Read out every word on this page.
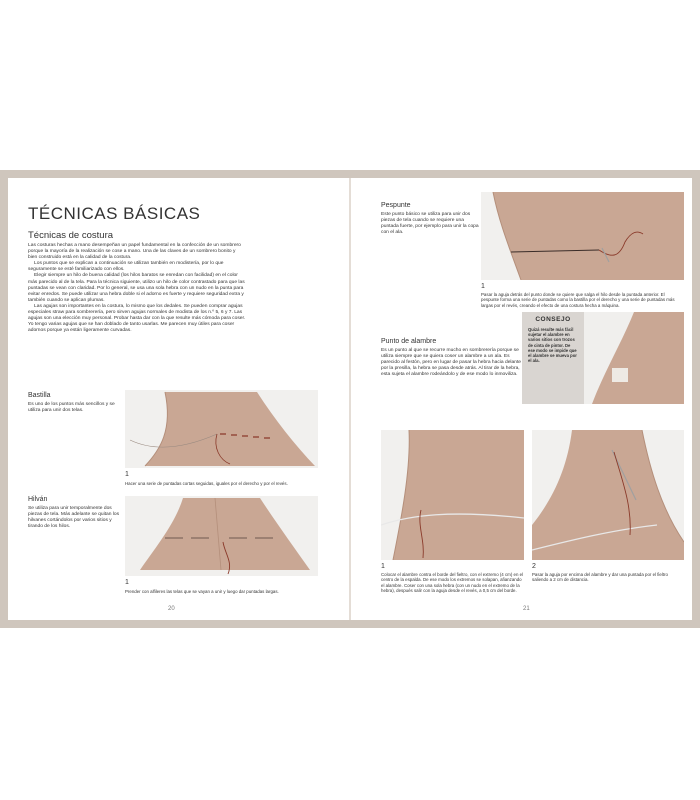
TÉCNICAS BÁSICAS
Técnicas de costura
Las costuras hechas a mano desempeñan un papel fundamental en la confección de un sombrero porque la mayoría de la realización se cose a mano. Una de las claves de un sombrero bonito y bien construido está en la calidad de la costura.
Los puntos que se explican a continuación se utilizan también en modistería, por lo que seguramente se esté familiarizado con ellos.
Elegir siempre un hilo de buena calidad (los hilos baratos se enredan con facilidad) en el color más parecido al de la tela. Para la técnica siguiente, utilizo un hilo de color contrastado para que las puntadas se vean con claridad. Por lo general, se usa una sola hebra con un nudo en la punta para evitar enredos. Se puede utilizar una hebra doble si el adorno es fuerte y requiere seguridad extra y también cuando se aplican plumas.
Las agujas son importantes en la costura, lo mismo que los dedales. Se pueden comprar agujas especiales straw para sombrerería, pero sirven agujas normales de modista de los n.º 5, 6 y 7. Las agujas son una elección muy personal. Probar hasta dar con la que resulte más cómoda para coser. Yo tengo varias agujas que se han doblado de tanto usarlas. Me parecen muy útiles para coser adornos porque ya están ligeramente curvadas.
Bastilla
Es uno de los puntos más sencillos y se utiliza para unir dos telas.
1
Hacer una serie de puntadas cortas seguidas, iguales por el derecho y por el revés.
Hilván
Se utiliza para unir temporalmente dos piezas de tela. Más adelante se quitan los hilvanes cortándolos por varios sitios y tirando de los hilos.
1
Prender con alfileres las telas que se vayan a unir y luego dar puntadas largas.
20
Pespunte
Este punto básico se utiliza para unir dos piezas de tela cuando se requiere una puntada fuerte, por ejemplo para unir la copa con el ala.
1
Pasar la aguja detrás del punto donde se quiere que salga el hilo desde la puntada anterior. El pespunte forma una serie de puntadas como la bastilla por el derecho y una serie de puntadas más largas por el revés, creando el efecto de una costura hecha a máquina.
Punto de alambre
Es un punto al que se recurre mucho en sombrerería porque se utiliza siempre que se quiera coser un alambre a un ala. Es parecido al festón, pero en lugar de pasar la hebra hacia delante por la presilla, la hebra se pasa desde atrás. Al tirar de la hebra, esta sujeta el alambre rodeándolo y de ese modo lo inmoviliza.
CONSEJO
Quizá resulte más fácil sujetar el alambre en varios sitios con trozos de cinta de pintor. De ese modo se impide que el alambre se mueva por el ala.
1
Colocar el alambre contra el borde del fieltro, con el extremo (4 cm) en el centro de la espalda. De ese modo los extremos se solapan, afianzando el alambre. Coser con una sola hebra (con un nudo en el extremo de la hebra), después salir con la aguja desde el revés, a 0,5 cm del borde.
2
Pasar la aguja por encima del alambre y dar una puntada por el fieltro saliendo a 2 cm de distancia.
21
